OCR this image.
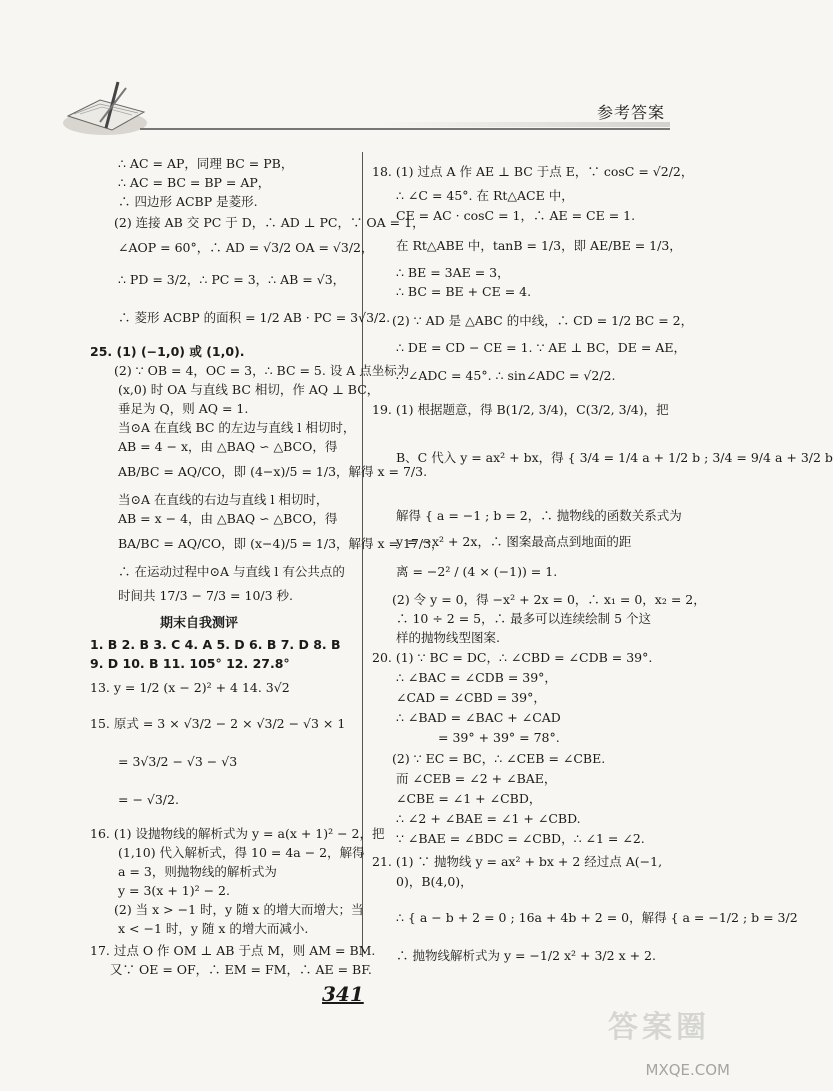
参考答案
∴ AC = AP，同理 BC = PB，
∴ AC = BC = BP = AP，
∴ 四边形 ACBP 是菱形.
(2) 连接 AB 交 PC 于 D，∴ AD ⊥ PC，∵ OA = 1，
∠AOP = 60°，∴ AD = √3/2 OA = √3/2，
∴ PD = 3/2，∴ PC = 3，∴ AB = √3，
∴ 菱形 ACBP 的面积 = 1/2 AB · PC = 3√3/2.
25. (1) (−1,0) 或 (1,0).
(2) ∵ OB = 4，OC = 3，∴ BC = 5. 设 A 点坐标为
(x,0) 时 OA 与直线 BC 相切，作 AQ ⊥ BC，
垂足为 Q，则 AQ = 1.
当⊙A 在直线 BC 的左边与直线 l 相切时，
AB = 4 − x，由 △BAQ ∽ △BCO，得
AB/BC = AQ/CO，即 (4−x)/5 = 1/3，解得 x = 7/3.
当⊙A 在直线的右边与直线 l 相切时，
AB = x − 4，由 △BAQ ∽ △BCO，得
BA/BC = AQ/CO，即 (x−4)/5 = 1/3，解得 x = 17/3，
∴ 在运动过程中⊙A 与直线 l 有公共点的
时间共 17/3 − 7/3 = 10/3 秒.
期末自我测评
1. B 2. B 3. C 4. A 5. D 6. B 7. D 8. B
9. D 10. B 11. 105° 12. 27.8°
13. y = 1/2 (x − 2)² + 4 14. 3√2
15. 原式 = 3 × √3/2 − 2 × √3/2 − √3 × 1
= 3√3/2 − √3 − √3
= − √3/2.
16. (1) 设抛物线的解析式为 y = a(x + 1)² − 2，把
(1,10) 代入解析式，得 10 = 4a − 2，解得
a = 3，则抛物线的解析式为
y = 3(x + 1)² − 2.
(2) 当 x > −1 时，y 随 x 的增大而增大；当
x < −1 时，y 随 x 的增大而减小.
17. 过点 O 作 OM ⊥ AB 于点 M，则 AM = BM.
又∵ OE = OF，∴ EM = FM，∴ AE = BF.
18. (1) 过点 A 作 AE ⊥ BC 于点 E，∵ cosC = √2/2，
∴ ∠C = 45°. 在 Rt△ACE 中，
CE = AC · cosC = 1，∴ AE = CE = 1.
在 Rt△ABE 中，tanB = 1/3，即 AE/BE = 1/3，
∴ BE = 3AE = 3，
∴ BC = BE + CE = 4.
(2) ∵ AD 是 △ABC 的中线，∴ CD = 1/2 BC = 2，
∴ DE = CD − CE = 1. ∵ AE ⊥ BC，DE = AE，
∴ ∠ADC = 45°. ∴ sin∠ADC = √2/2.
19. (1) 根据题意，得 B(1/2, 3/4)，C(3/2, 3/4)，把
B、C 代入 y = ax² + bx，得 { 3/4 = 1/4 a + 1/2 b ; 3/4 = 9/4 a + 3/2 b
解得 { a = −1 ; b = 2，∴ 抛物线的函数关系式为
y = −x² + 2x，∴ 图案最高点到地面的距
离 = −2² / (4 × (−1)) = 1.
(2) 令 y = 0，得 −x² + 2x = 0，∴ x₁ = 0，x₂ = 2，
∴ 10 ÷ 2 = 5，∴ 最多可以连续绘制 5 个这
样的抛物线型图案.
20. (1) ∵ BC = DC，∴ ∠CBD = ∠CDB = 39°.
∴ ∠BAC = ∠CDB = 39°，
∠CAD = ∠CBD = 39°，
∴ ∠BAD = ∠BAC + ∠CAD
= 39° + 39° = 78°.
(2) ∵ EC = BC，∴ ∠CEB = ∠CBE.
而 ∠CEB = ∠2 + ∠BAE，
∠CBE = ∠1 + ∠CBD，
∴ ∠2 + ∠BAE = ∠1 + ∠CBD.
∵ ∠BAE = ∠BDC = ∠CBD，∴ ∠1 = ∠2.
21. (1) ∵ 抛物线 y = ax² + bx + 2 经过点 A(−1,
0)，B(4,0)，
∴ { a − b + 2 = 0 ; 16a + 4b + 2 = 0，解得 { a = −1/2 ; b = 3/2
∴ 抛物线解析式为 y = −1/2 x² + 3/2 x + 2.
341
答案圈
MXQE.COM
